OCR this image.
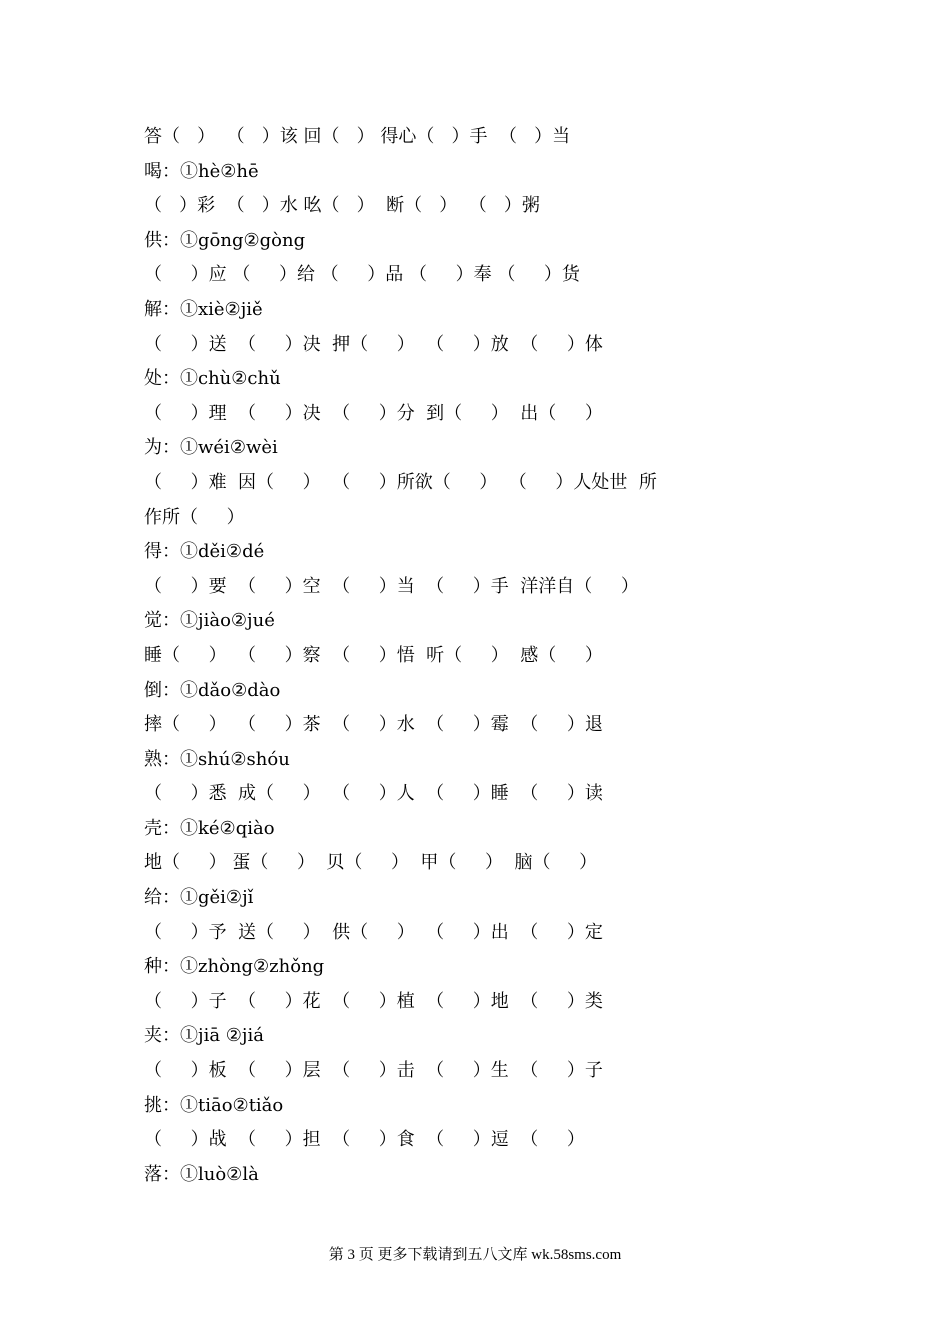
答（   ）  （   ）该 回（   ） 得心（   ）手  （   ）当
喝：①hè②hē
（   ）彩  （   ）水 吆（   ）  断（   ）  （   ）粥
供：①gōng②gòng
（     ）应 （     ）给 （     ）品 （     ）奉 （     ）货
解：①xiè②jiě
（     ）送  （     ）决  押（     ）  （     ）放  （     ）体
处：①chù②chǔ
（     ）理  （     ）决  （     ）分  到（     ）  出（     ）
为：①wéi②wèi
（     ）难  因（     ）  （     ）所欲（     ）  （     ）人处世  所
作所（     ）
得：①děi②dé
（     ）要  （     ）空  （     ）当  （     ）手  洋洋自（     ）
觉：①jiào②jué
睡（     ）  （     ）察  （     ）悟  听（     ）  感（     ）
倒：①dǎo②dào
摔（     ）  （     ）茶  （     ）水  （     ）霉  （     ）退
熟：①shú②shóu
（     ）悉  成（     ）  （     ）人  （     ）睡  （     ）读
壳：①ké②qiào
地（     ） 蛋（     ）  贝（     ）  甲（     ）  脑（     ）
给：①gěi②jǐ
（     ）予  送（     ）  供（     ）  （     ）出  （     ）定
种：①zhòng②zhǒng
（     ）子  （     ）花  （     ）植  （     ）地  （     ）类
夹：①jiā ②jiá
（     ）板  （     ）层  （     ）击  （     ）生  （     ）子
挑：①tiāo②tiǎo
（     ）战  （     ）担  （     ）食  （     ）逗  （     ）
落：①luò②là
第 3 页 更多下载请到五八文库 wk.58sms.com
